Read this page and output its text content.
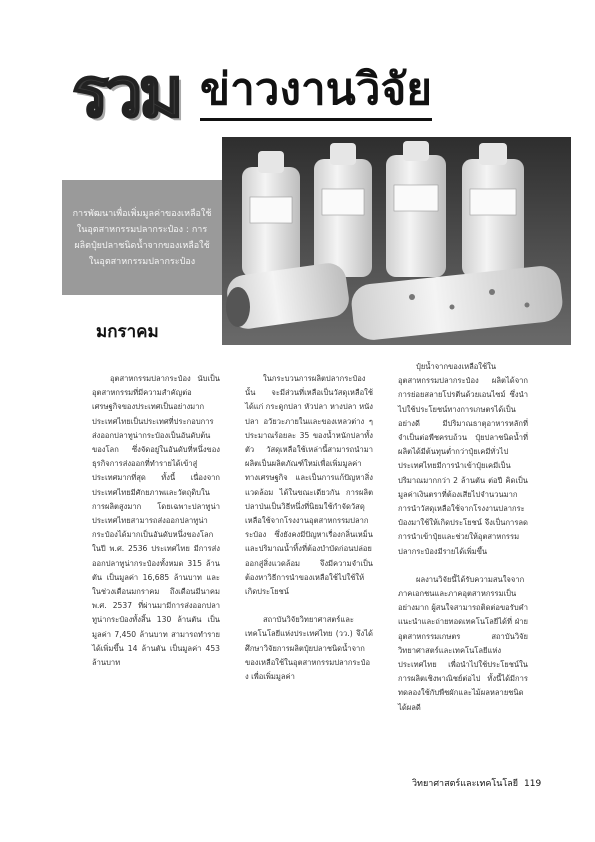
รวม ข่าวงานวิจัย
การพัฒนาเพื่อเพิ่มมูลค่าของเหลือใช้ในอุตสาหกรรมปลากระป๋อง : การผลิตปุ๋ยปลาชนิดน้ำจากของเหลือใช้ในอุตสาหกรรมปลากระป๋อง
มกราคม

อุตสาหกรรมปลากระป๋อง นับเป็นอุตสาหกรรมที่มีความสำคัญต่อเศรษฐกิจของประเทศเป็นอย่างมาก ประเทศไทยเป็นประเทศที่ประกอบการส่งออกปลาทูน่ากระป๋องเป็นอันดับต้นของโลก ซึ่งจัดอยู่ในอันดับที่หนึ่งของธุรกิจการส่งออกที่ทำรายได้เข้าสู่ประเทศมากที่สุด ทั้งนี้ เนื่องจากประเทศไทยมีศักยภาพและวัตถุดิบในการผลิตสูงมาก โดยเฉพาะปลาทูน่า ประเทศไทยสามารถส่งออกปลาทูน่ากระป๋องได้มากเป็นอันดับหนึ่งของโลก ในปี พ.ศ. 2536 ประเทศไทย มีการส่งออกปลาทูน่ากระป๋องทั้งหมด 315 ล้านตัน เป็นมูลค่า 16,685 ล้านบาท และในช่วงเดือนมกราคม ถึงเดือนมีนาคม พ.ศ. 2537 ที่ผ่านมามีการส่งออกปลาทูน่ากระป๋องทั้งสิ้น 130 ล้านตัน เป็นมูลค่า 7,450 ล้านบาท สามารถทำรายได้เพิ่มขึ้น 14 ล้านตัน เป็นมูลค่า 453 ล้านบาท

ในกระบวนการผลิตปลากระป๋องนั้น จะมีส่วนที่เหลือเป็นวัสดุเหลือใช้ ได้แก่ กระดูกปลา หัวปลา หางปลา หนังปลา อวัยวะภายในและของเหลวต่าง ๆ ประมาณร้อยละ 35 ของน้ำหนักปลาทั้งตัว วัสดุเหลือใช้เหล่านี้สามารถนำมาผลิตเป็นผลิตภัณฑ์ใหม่เพื่อเพิ่มมูลค่าทางเศรษฐกิจ และเป็นการแก้ปัญหาสิ่งแวดล้อม ได้ในขณะเดียวกัน การผลิตปลาป่นเป็นวิธีหนึ่งที่นิยมใช้กำจัดวัสดุเหลือใช้จากโรงงานอุตสาหกรรมปลากระป๋อง ซึ่งยังคงมีปัญหาเรื่องกลิ่นเหม็นและปริมาณน้ำทิ้งที่ต้องบำบัดก่อนปล่อยออกสู่สิ่งแวดล้อม จึงมีความจำเป็นต้องหาวิธีการนำของเหลือใช้ไปใช้ให้เกิดประโยชน์

สถาบันวิจัยวิทยาศาสตร์และเทคโนโลยีแห่งประเทศไทย (วว.) จึงได้ศึกษาวิจัยการผลิตปุ๋ยปลาชนิดน้ำจากของเหลือใช้ในอุตสาหกรรมปลากระป๋อง เพื่อเพิ่มมูลค่า

ปุ๋ยน้ำจากของเหลือใช้ในอุตสาหกรรมปลากระป๋อง ผลิตได้จากการย่อยสลายโปรตีนด้วยเอนไซม์ ซึ่งนำไปใช้ประโยชน์ทางการเกษตรได้เป็นอย่างดี มีปริมาณธาตุอาหารหลักที่จำเป็นต่อพืชครบถ้วน ปุ๋ยปลาชนิดน้ำที่ผลิตได้มีต้นทุนต่ำกว่าปุ๋ยเคมีทั่วไป ประเทศไทยมีการนำเข้าปุ๋ยเคมีเป็นปริมาณมากกว่า 2 ล้านตัน ต่อปี คิดเป็นมูลค่าเงินตราที่ต้องเสียไปจำนวนมาก การนำวัสดุเหลือใช้จากโรงงานปลากระป๋องมาใช้ให้เกิดประโยชน์ จึงเป็นการลดการนำเข้าปุ๋ยและช่วยให้อุตสาหกรรมปลากระป๋องมีรายได้เพิ่มขึ้น

ผลงานวิจัยนี้ได้รับความสนใจจากภาคเอกชนและภาคอุตสาหกรรมเป็นอย่างมาก ผู้สนใจสามารถติดต่อขอรับคำแนะนำและถ่ายทอดเทคโนโลยีได้ที่ ฝ่ายอุตสาหกรรมเกษตร สถาบันวิจัยวิทยาศาสตร์และเทคโนโลยีแห่งประเทศไทย เพื่อนำไปใช้ประโยชน์ในการผลิตเชิงพาณิชย์ต่อไป ทั้งนี้ได้มีการทดลองใช้กับพืชผักและไม้ผลหลายชนิดได้ผลดี

วิทยาศาสตร์และเทคโนโลยี 119
